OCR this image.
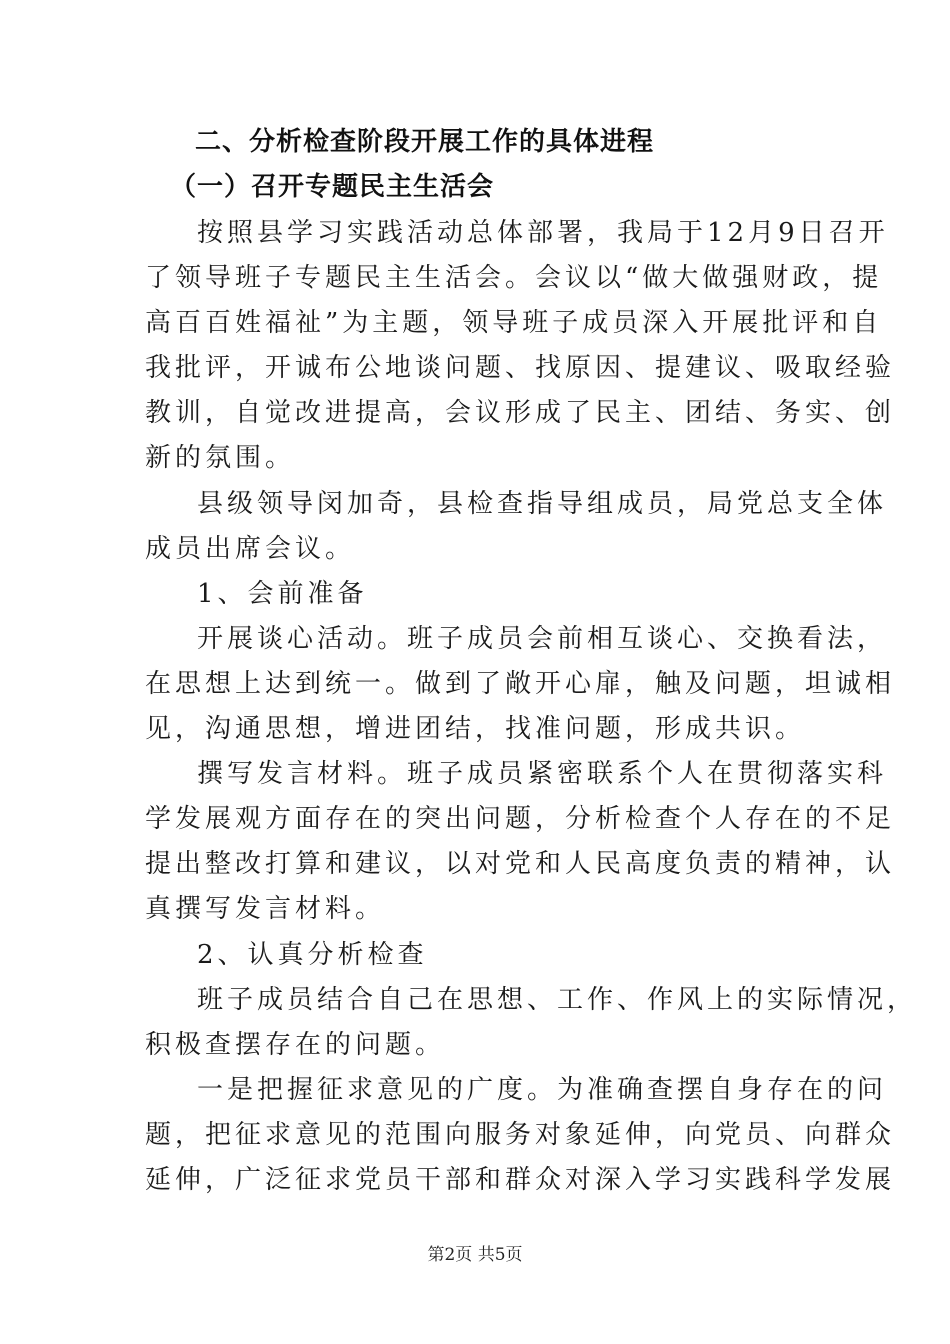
二、分析检查阶段开展工作的具体进程
（一）召开专题民主生活会
按照县学习实践活动总体部署，我局于12月9日召开
了领导班子专题民主生活会。会议以“做大做强财政，提
高百百姓福祉”为主题，领导班子成员深入开展批评和自
我批评，开诚布公地谈问题、找原因、提建议、吸取经验
教训，自觉改进提高，会议形成了民主、团结、务实、创
新的氛围。
县级领导闵加奇，县检查指导组成员，局党总支全体
成员出席会议。
1、会前准备
开展谈心活动。班子成员会前相互谈心、交换看法，
在思想上达到统一。做到了敞开心扉，触及问题，坦诚相
见，沟通思想，增进团结，找准问题，形成共识。
撰写发言材料。班子成员紧密联系个人在贯彻落实科
学发展观方面存在的突出问题，分析检查个人存在的不足
提出整改打算和建议，以对党和人民高度负责的精神，认
真撰写发言材料。
2、认真分析检查
班子成员结合自己在思想、工作、作风上的实际情况，
积极查摆存在的问题。
一是把握征求意见的广度。为准确查摆自身存在的问
题，把征求意见的范围向服务对象延伸，向党员、向群众
延伸，广泛征求党员干部和群众对深入学习实践科学发展
第2页 共5页
